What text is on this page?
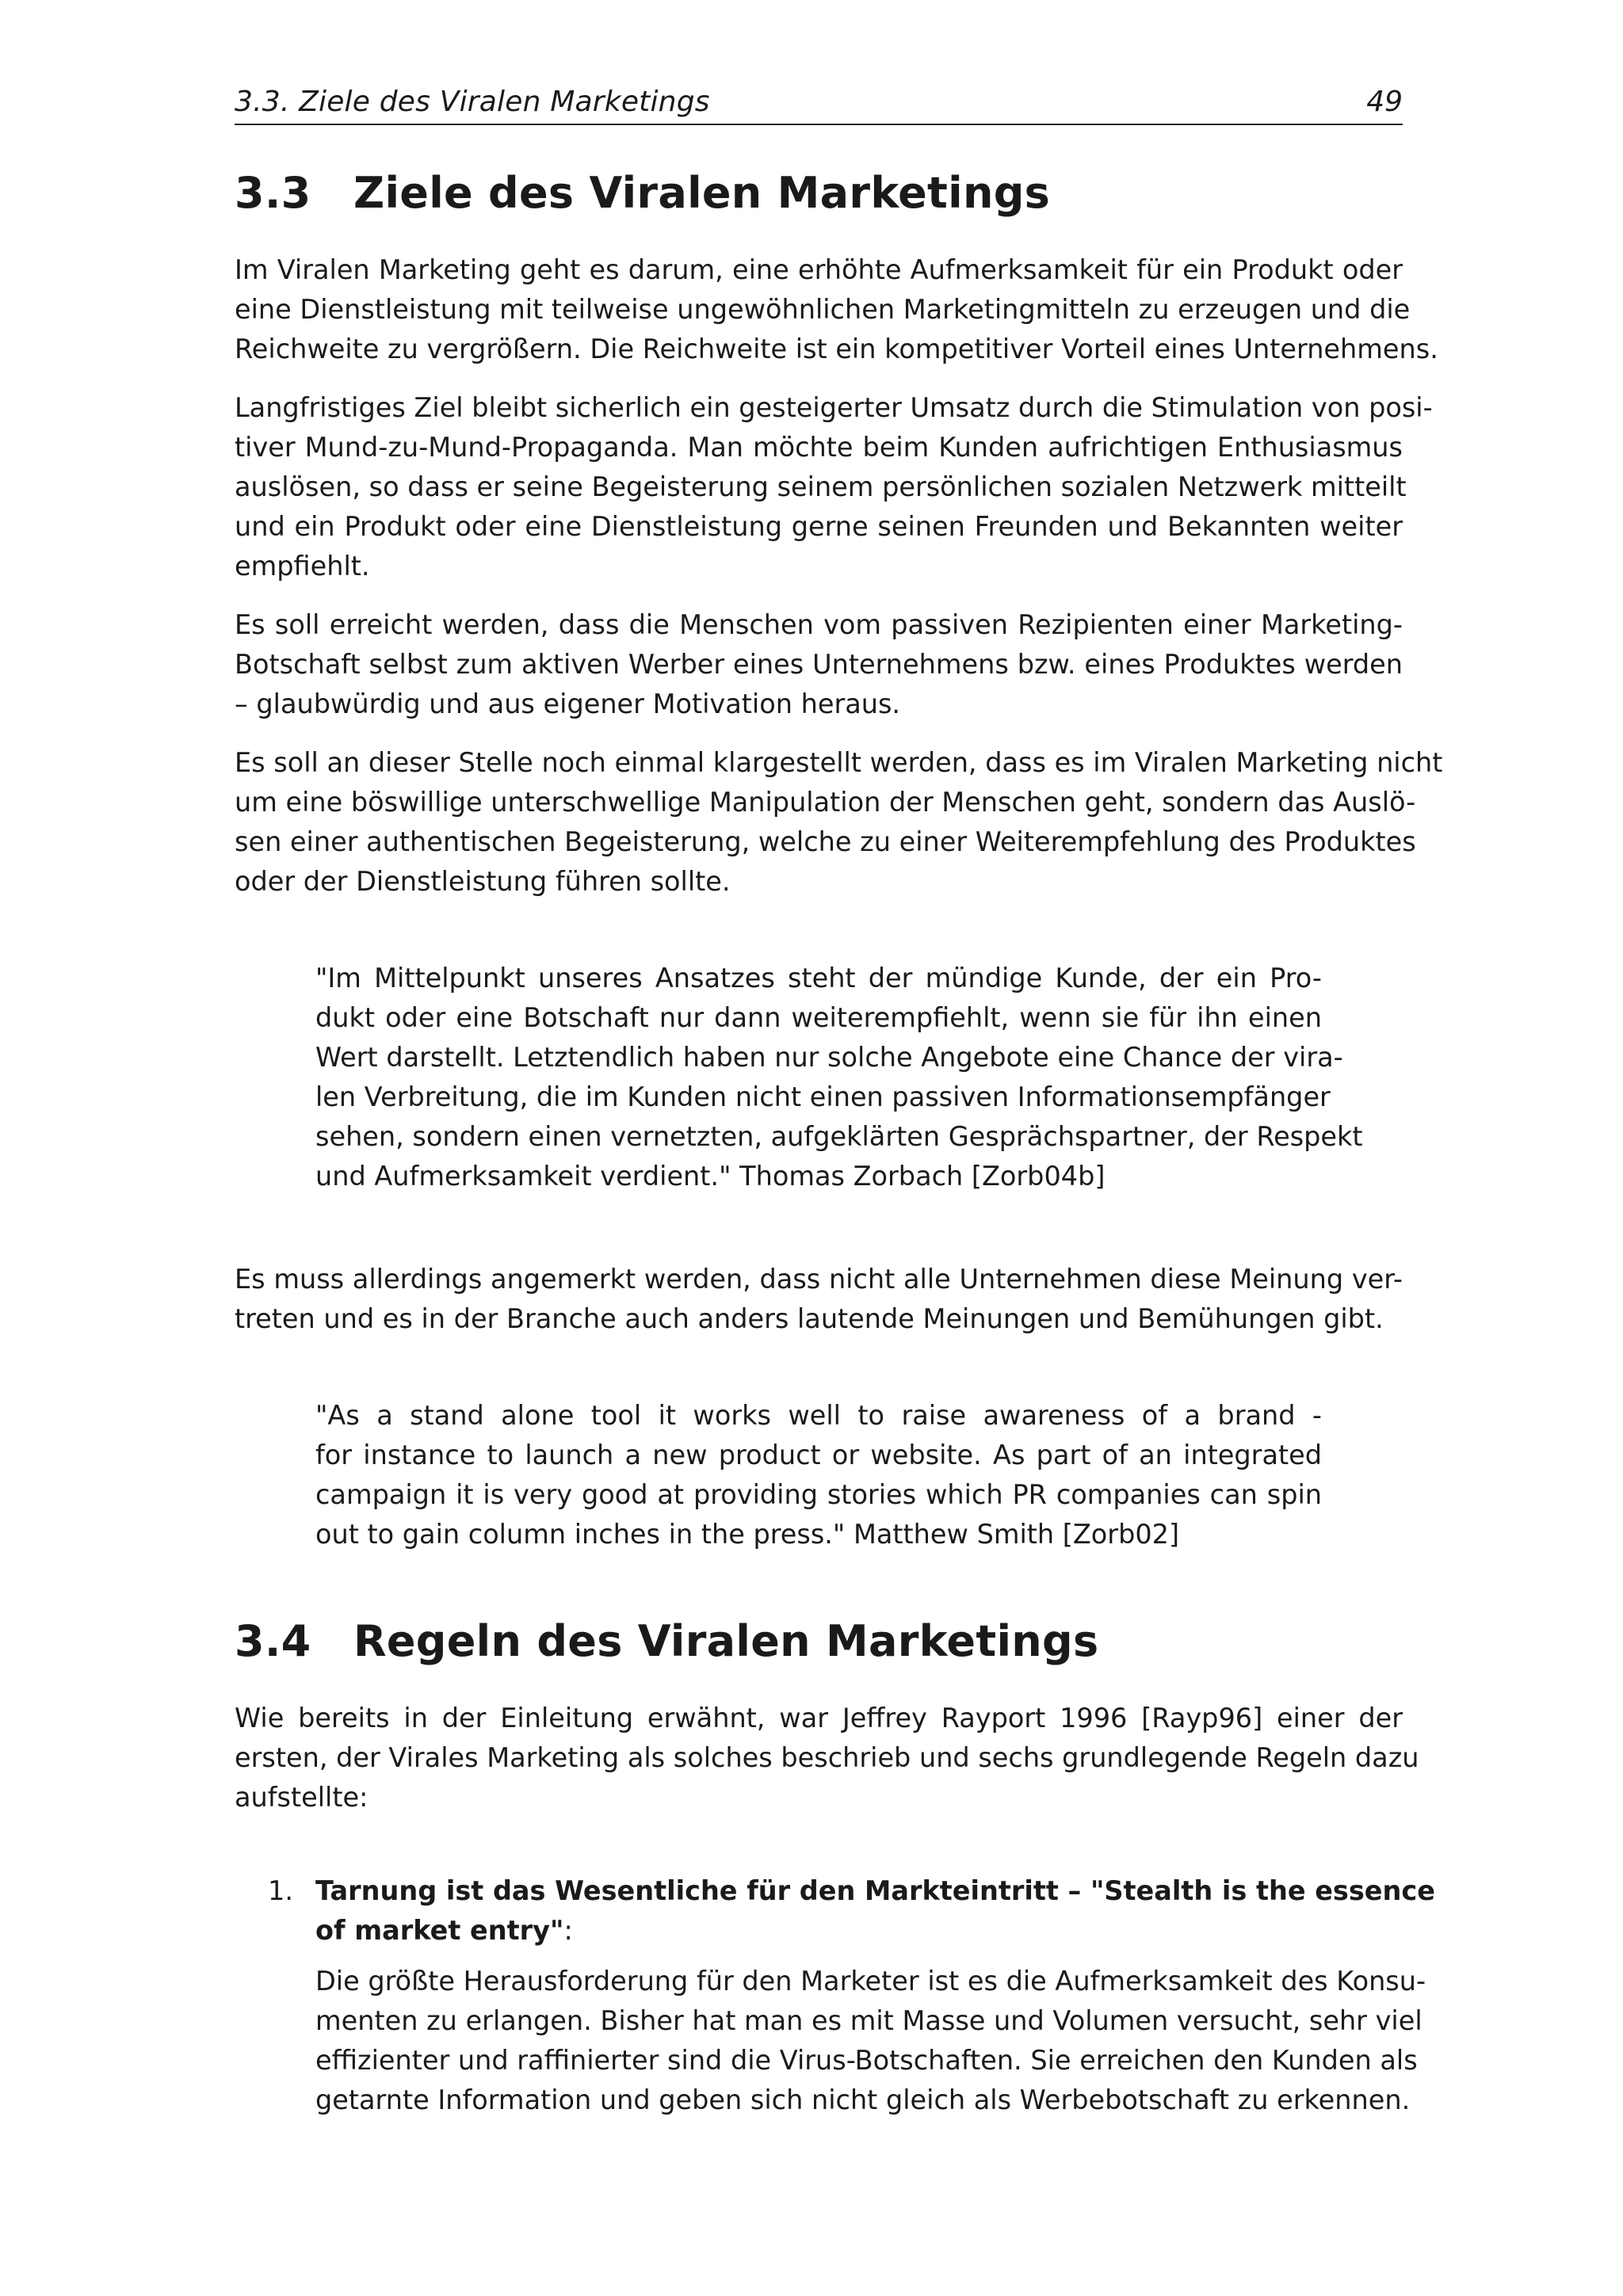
3.3. Ziele des Viralen Marketings	49
3.3 Ziele des Viralen Marketings

Im Viralen Marketing geht es darum, eine erhöhte Aufmerksamkeit für ein Produkt oder
eine Dienstleistung mit teilweise ungewöhnlichen Marketingmitteln zu erzeugen und die
Reichweite zu vergrößern. Die Reichweite ist ein kompetitiver Vorteil eines Unternehmens.

Langfristiges Ziel bleibt sicherlich ein gesteigerter Umsatz durch die Stimulation von posi-
tiver Mund-zu-Mund-Propaganda. Man möchte beim Kunden aufrichtigen Enthusiasmus
auslösen, so dass er seine Begeisterung seinem persönlichen sozialen Netzwerk mitteilt
und ein Produkt oder eine Dienstleistung gerne seinen Freunden und Bekannten weiter
empfiehlt.

Es soll erreicht werden, dass die Menschen vom passiven Rezipienten einer Marketing-
Botschaft selbst zum aktiven Werber eines Unternehmens bzw. eines Produktes werden
– glaubwürdig und aus eigener Motivation heraus.

Es soll an dieser Stelle noch einmal klargestellt werden, dass es im Viralen Marketing nicht
um eine böswillige unterschwellige Manipulation der Menschen geht, sondern das Auslö-
sen einer authentischen Begeisterung, welche zu einer Weiterempfehlung des Produktes
oder der Dienstleistung führen sollte.

"Im Mittelpunkt unseres Ansatzes steht der mündige Kunde, der ein Pro-
dukt oder eine Botschaft nur dann weiterempfiehlt, wenn sie für ihn einen
Wert darstellt. Letztendlich haben nur solche Angebote eine Chance der vira-
len Verbreitung, die im Kunden nicht einen passiven Informationsempfänger
sehen, sondern einen vernetzten, aufgeklärten Gesprächspartner, der Respekt
und Aufmerksamkeit verdient." Thomas Zorbach [Zorb04b]

Es muss allerdings angemerkt werden, dass nicht alle Unternehmen diese Meinung ver-
treten und es in der Branche auch anders lautende Meinungen und Bemühungen gibt.

"As a stand alone tool it works well to raise awareness of a brand -
for instance to launch a new product or website. As part of an integrated
campaign it is very good at providing stories which PR companies can spin
out to gain column inches in the press." Matthew Smith [Zorb02]
3.4 Regeln des Viralen Marketings

Wie bereits in der Einleitung erwähnt, war Jeffrey Rayport 1996 [Rayp96] einer der
ersten, der Virales Marketing als solches beschrieb und sechs grundlegende Regeln dazu
aufstellte:

1. Tarnung ist das Wesentliche für den Markteintritt – "Stealth is the essence
of market entry":
Die größte Herausforderung für den Marketer ist es die Aufmerksamkeit des Konsu-
menten zu erlangen. Bisher hat man es mit Masse und Volumen versucht, sehr viel
effizienter und raffinierter sind die Virus-Botschaften. Sie erreichen den Kunden als
getarnte Information und geben sich nicht gleich als Werbebotschaft zu erkennen.
